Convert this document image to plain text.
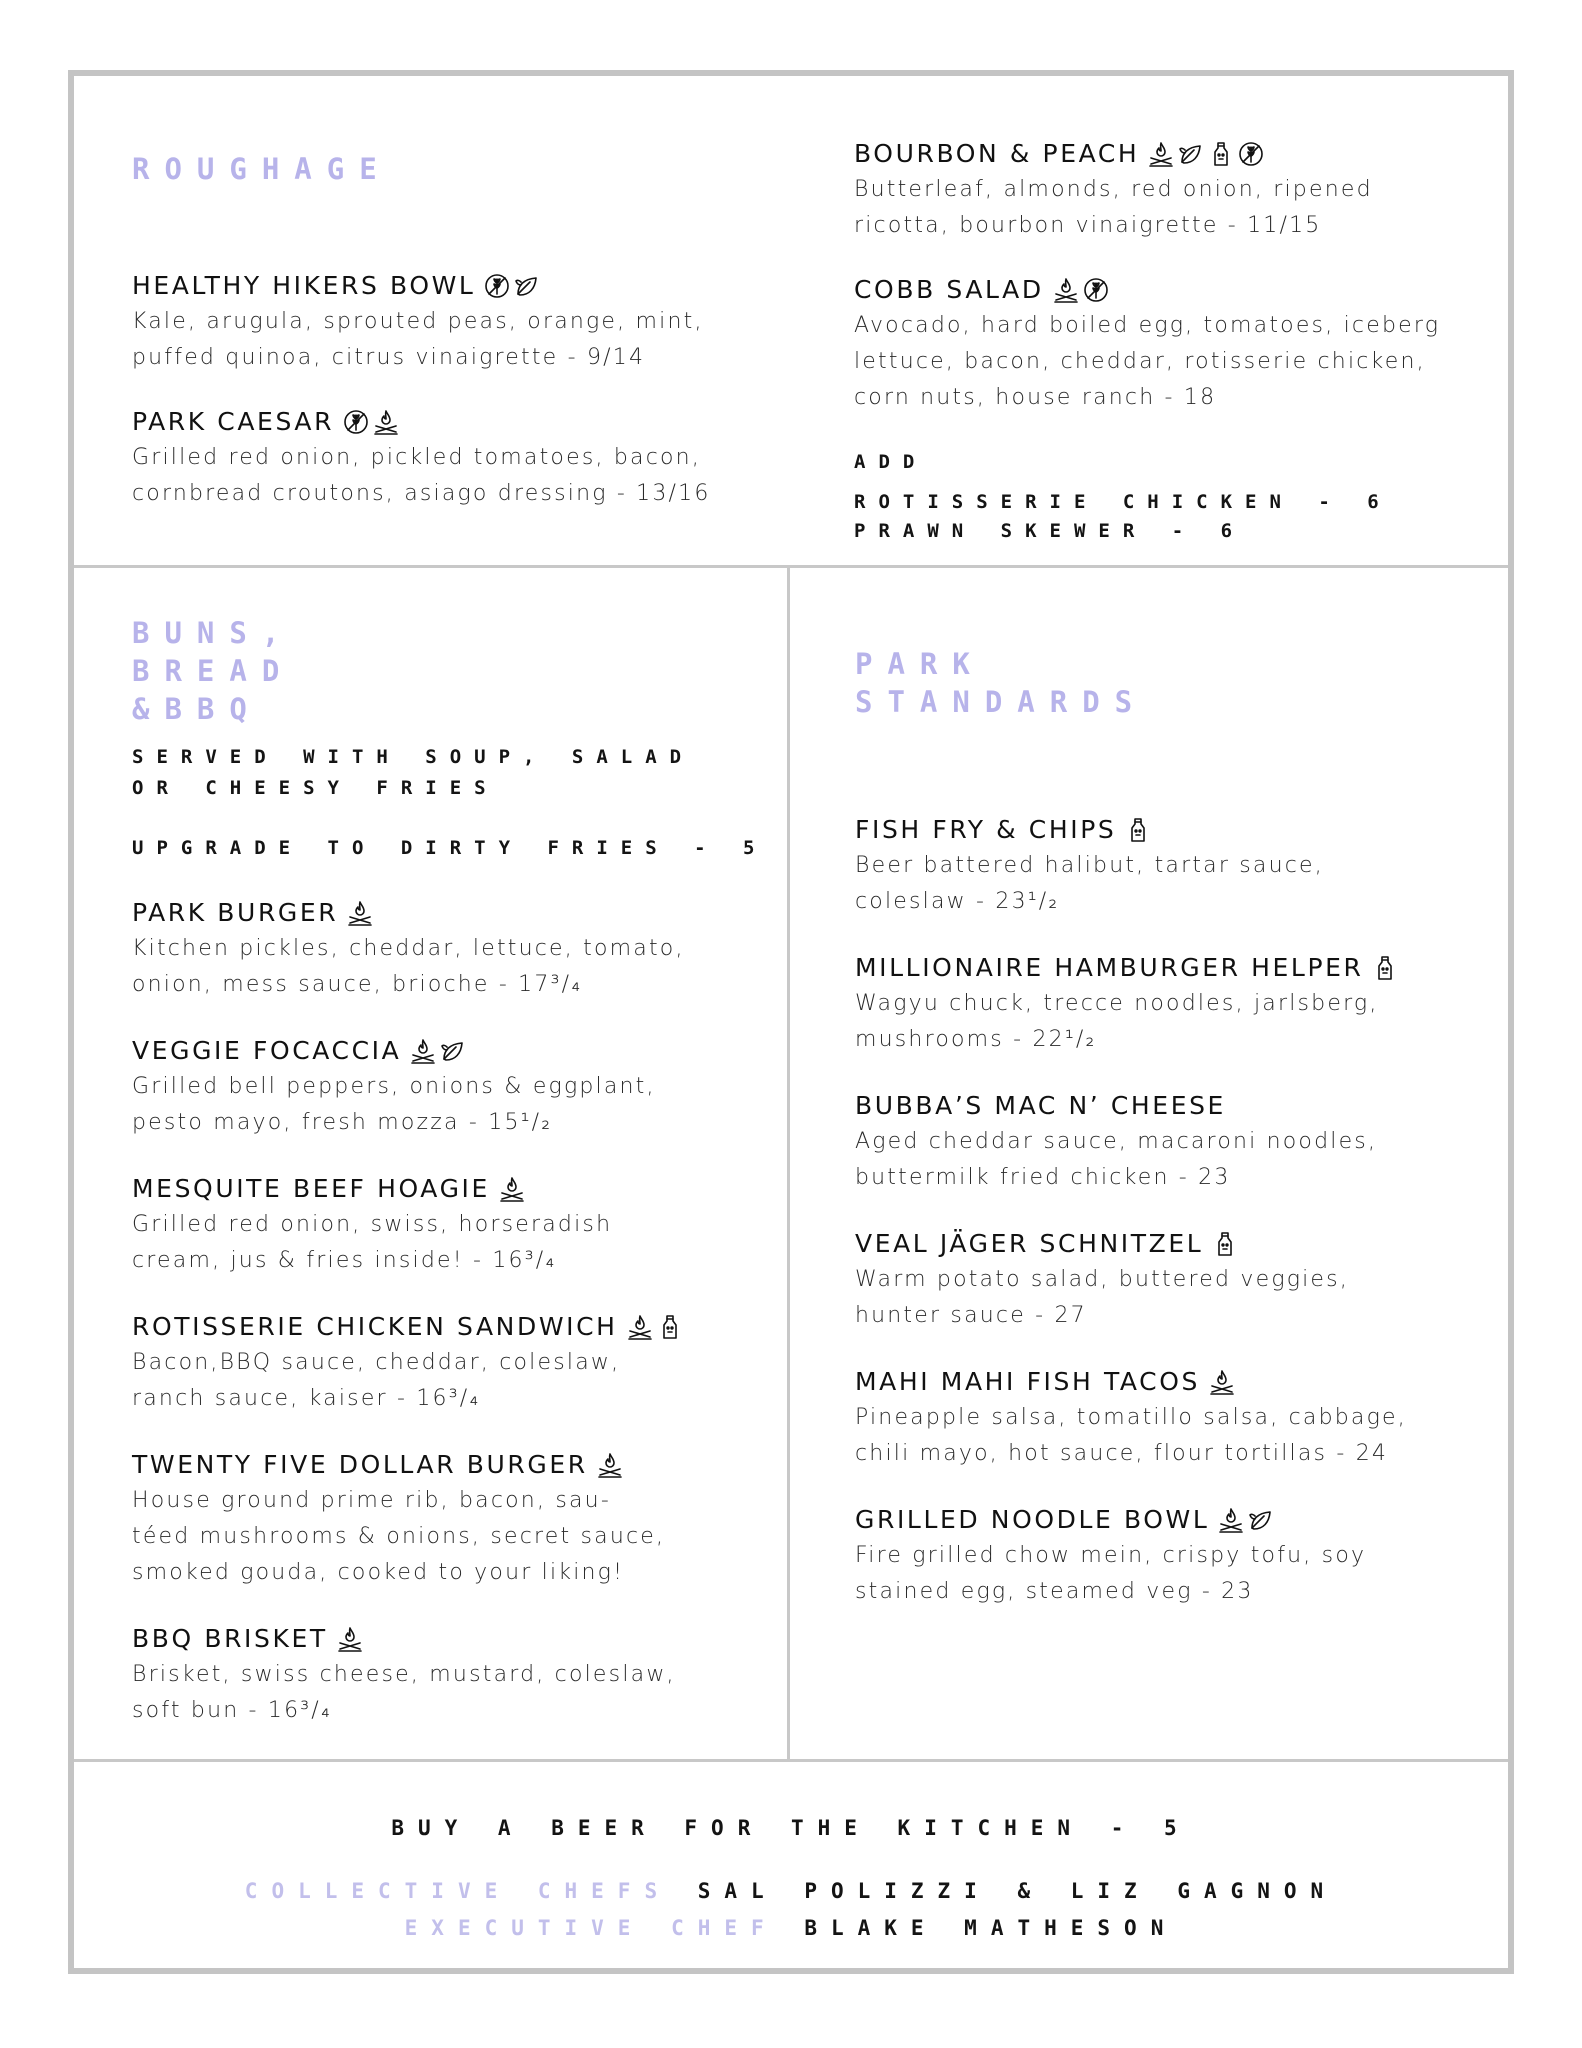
ROUGHAGE

HEALTHY HIKERS BOWL
Kale, arugula, sprouted peas, orange, mint,
puffed quinoa, citrus vinaigrette - 9/14
PARK CAESAR
Grilled red onion, pickled tomatoes, bacon,
cornbread croutons, asiago dressing - 13/16
BOURBON & PEACH
Butterleaf, almonds, red onion, ripened
ricotta, bourbon vinaigrette - 11/15
COBB SALAD
Avocado, hard boiled egg, tomatoes, iceberg
lettuce, bacon, cheddar, rotisserie chicken,
corn nuts, house ranch - 18

ADD

ROTISSERIE CHICKEN - 6

PRAWN SKEWER - 6

BUNS,

BREAD

&BBQ

SERVED WITH SOUP, SALAD

OR CHEESY FRIES

UPGRADE TO DIRTY FRIES - 5

PARK BURGER
Kitchen pickles, cheddar, lettuce, tomato,
onion, mess sauce, brioche - 17³/₄
VEGGIE FOCACCIA
Grilled bell peppers, onions & eggplant,
pesto mayo, fresh mozza - 15¹/₂
MESQUITE BEEF HOAGIE
Grilled red onion, swiss, horseradish
cream, jus & fries inside! - 16³/₄
ROTISSERIE CHICKEN SANDWICH
Bacon,BBQ sauce, cheddar, coleslaw,
ranch sauce, kaiser - 16³/₄
TWENTY FIVE DOLLAR BURGER
House ground prime rib, bacon, sau-
téed mushrooms & onions, secret sauce,
smoked gouda, cooked to your liking!
BBQ BRISKET
Brisket, swiss cheese, mustard, coleslaw,
soft bun - 16³/₄

PARK

STANDARDS

FISH FRY & CHIPS
Beer battered halibut, tartar sauce,
coleslaw - 23¹/₂
MILLIONAIRE HAMBURGER HELPER
Wagyu chuck, trecce noodles, jarlsberg,
mushrooms - 22¹/₂
BUBBA’S MAC N’ CHEESE
Aged cheddar sauce, macaroni noodles,
buttermilk fried chicken - 23
VEAL JÄGER SCHNITZEL
Warm potato salad, buttered veggies,
hunter sauce - 27
MAHI MAHI FISH TACOS
Pineapple salsa, tomatillo salsa, cabbage,
chili mayo, hot sauce, flour tortillas - 24
GRILLED NOODLE BOWL
Fire grilled chow mein, crispy tofu, soy
stained egg, steamed veg - 23
BUY A BEER FOR THE KITCHEN - 5
COLLECTIVE CHEFS SAL POLIZZI & LIZ GAGNON
EXECUTIVE CHEF BLAKE MATHESON
